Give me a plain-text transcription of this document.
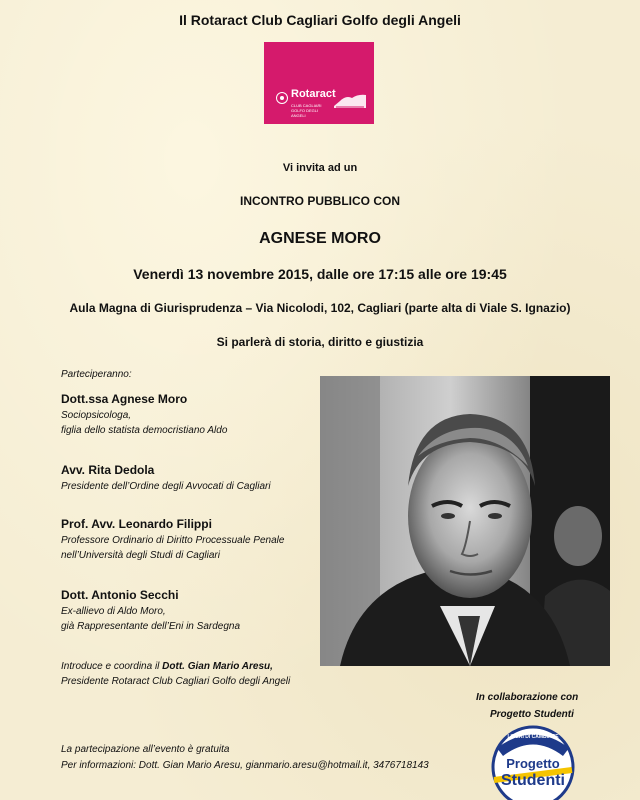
Il Rotaract Club Cagliari Golfo degli Angeli
Rotaract
CLUB CAGLIARI GOLFO DEGLI ANGELI
Vi invita ad un
INCONTRO PUBBLICO CON
AGNESE MORO
Venerdì 13 novembre 2015, dalle ore 17:15 alle ore 19:45
Aula Magna di Giurisprudenza – Via Nicolodi, 102, Cagliari (parte alta di Viale S. Ignazio)
Si parlerà di storia, diritto e giustizia
Parteciperanno:
Dott.ssa Agnese Moro
Sociopsicologa,
figlia dello statista democristiano Aldo
Avv. Rita Dedola
Presidente dell’Ordine degli Avvocati di Cagliari
Prof. Avv. Leonardo Filippi
Professore Ordinario di Diritto Processuale Penale
nell’Università degli Studi di Cagliari
Dott. Antonio Secchi
Ex-allievo di Aldo Moro,
già Rappresentante dell’Eni in Sardegna
Introduce e coordina il Dott. Gian Mario Aresu,
Presidente Rotaract Club Cagliari Golfo degli Angeli
La partecipazione all’evento è gratuita
Per informazioni: Dott. Gian Mario Aresu, gianmario.aresu@hotmail.it, 3476718143
In collaborazione con
Progetto Studenti
LIBERI DI CAMBIARE
Progetto
Studenti
